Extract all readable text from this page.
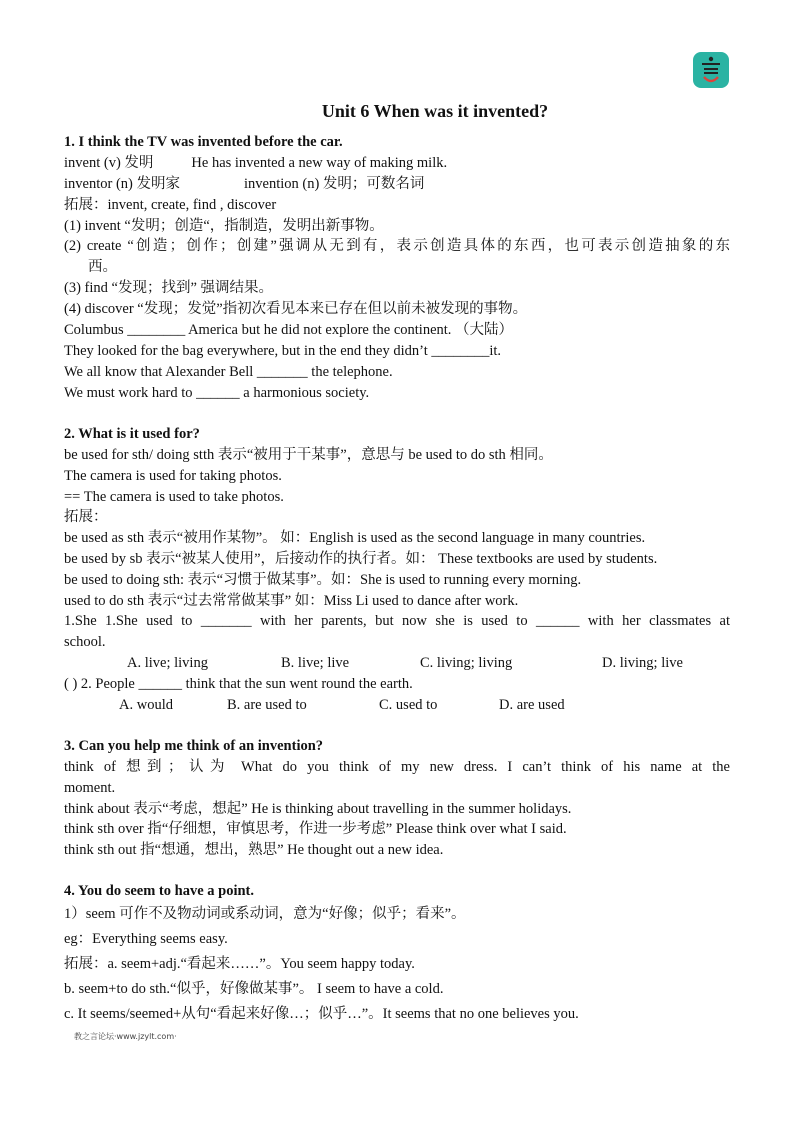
Unit 6 When was it invented?
1. I think the TV was invented before the car.
invent (v) 发明	He has invented a new way of making milk.
inventor (n) 发明家	invention (n) 发明；可数名词
拓展：invent, create, find , discover
(1) invent “发明；创造“，指制造，发明出新事物。
(2) create “创造；创作；创建”强调从无到有，表示创造具体的东西，也可表示创造抽象的东
西。
(3) find “发现；找到” 强调结果。
(4) discover “发现；发觉”指初次看见本来已存在但以前未被发现的事物。
Columbus ________ America but he did not explore the continent. （大陆）
They looked for the bag everywhere, but in the end they didn’t ________it.
We all know that Alexander Bell _______ the telephone.
We must work hard to ______ a harmonious society.
2. What is it used for?
be used for sth/ doing stth 表示“被用于干某事”，意思与 be used to do sth 相同。
The camera is used for taking photos.
== The camera is used to take photos.
拓展：
be used as sth 表示“被用作某物”。 如：English is used as the second language in many countries.
be used by sb 表示“被某人使用”，后接动作的执行者。如： These textbooks are used by students.
be used to doing sth: 表示“习惯于做某事”。如：She is used to running every morning.
used to do sth 表示“过去常常做某事” 如：Miss Li used to dance after work.
1.She 1.She used to _______ with her parents, but now she is used to ______ with her classmates at
school.
A. live; living	B. live; live	C. living; living	D. living; live
( ) 2. People ______ think that the sun went round the earth.
A. would	B. are used to	C. used to	D. are used
3. Can you help me think of an invention?
think of 想到；认为 What do you think of my new dress. I can’t think of his name at the
moment.
think about 表示“考虑，想起” He is thinking about travelling in the summer holidays.
think sth over 指“仔细想，审慎思考，作进一步考虑” Please think over what I said.
think sth out 指“想通，想出，熟思” He thought out a new idea.
4. You do seem to have a point.
1）seem 可作不及物动词或系动词，意为“好像；似乎；看来”。
eg：Everything seems easy.
拓展：a. seem+adj.“看起来……”。You seem happy today.
b. seem+to do sth.“似乎，好像做某事”。 I seem to have a cold.
c. It seems/seemed+从句“看起来好像…；似乎…”。It seems that no one believes you.
教之言论坛·www.jzylt.com·
